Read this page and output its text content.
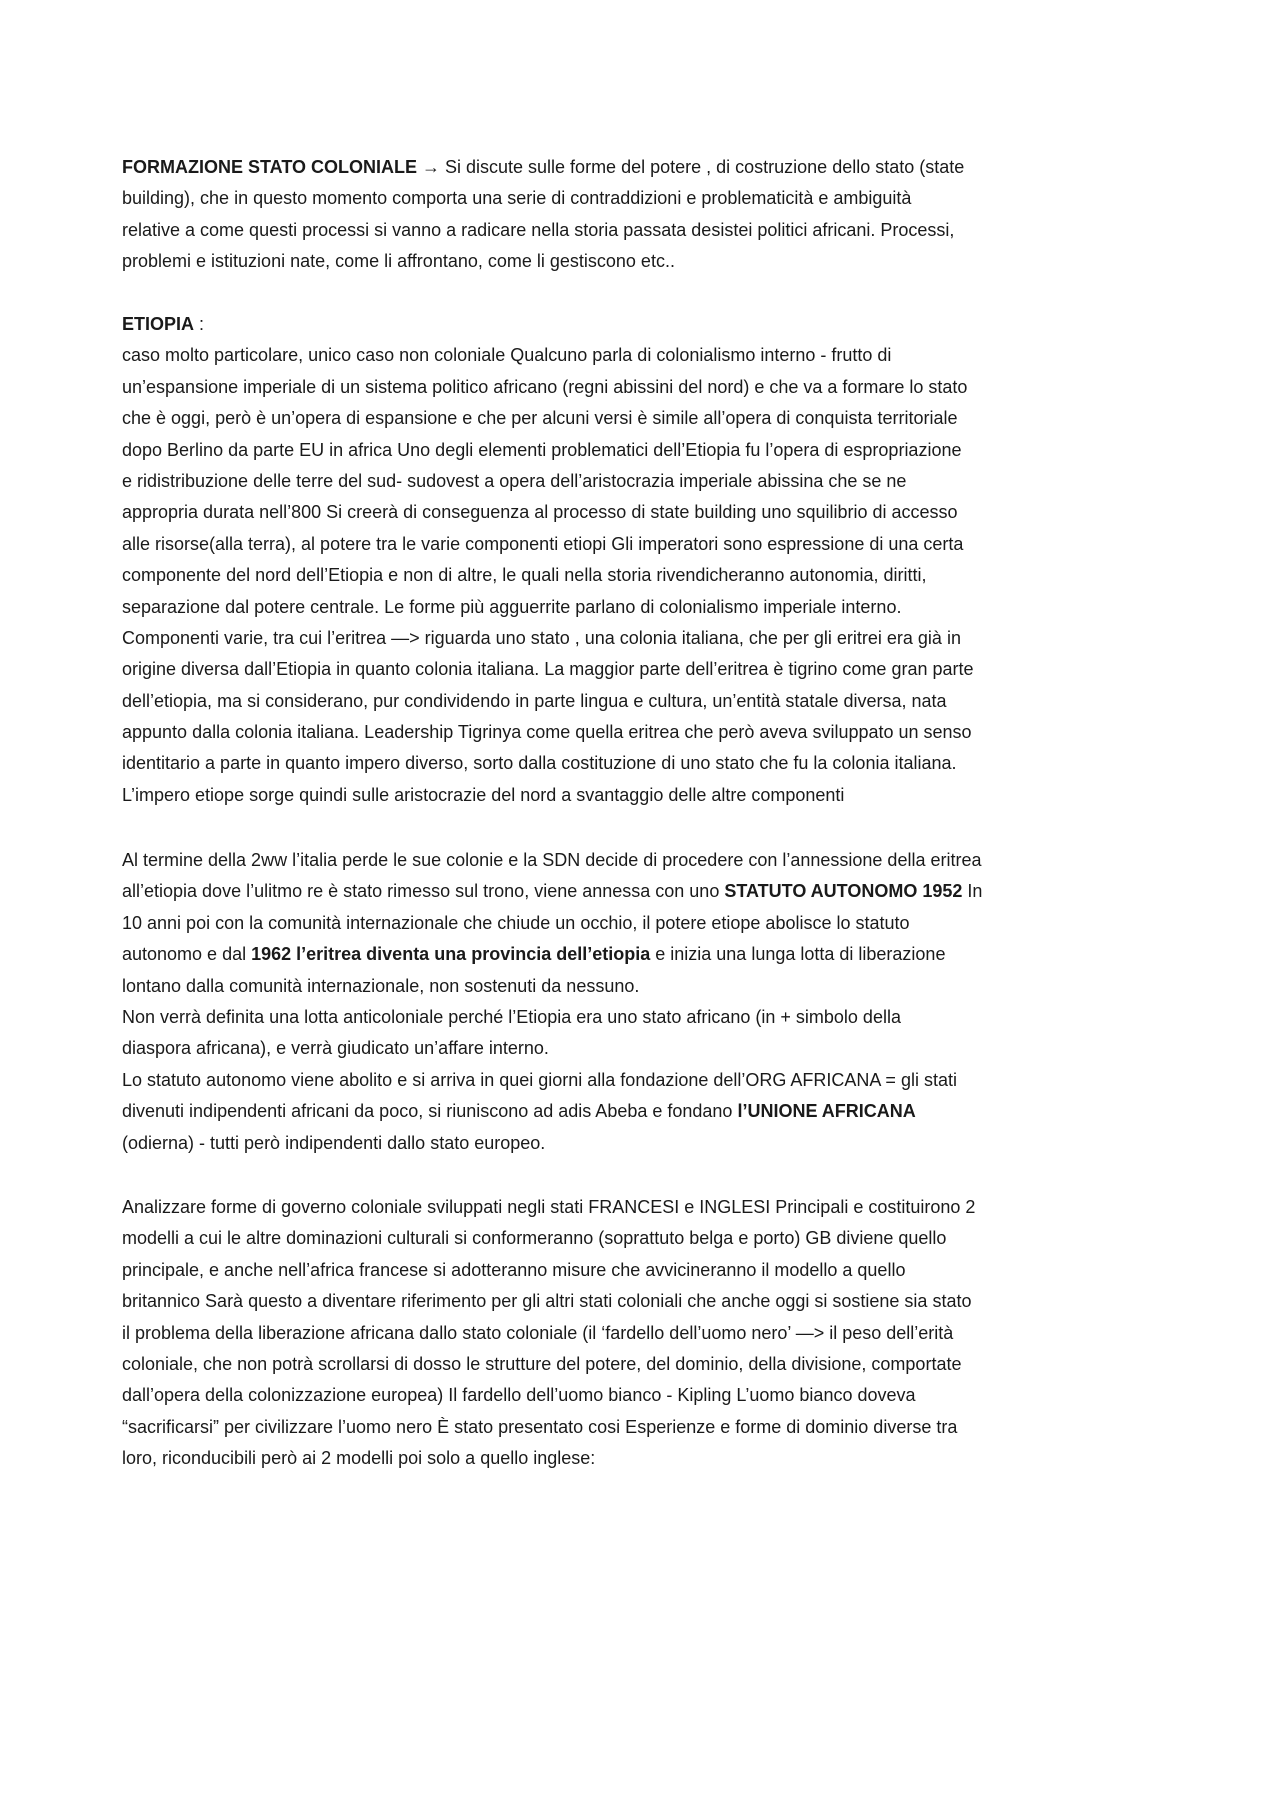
FORMAZIONE STATO COLONIALE → Si discute sulle forme del potere , di costruzione dello stato (state
building), che in questo momento comporta una serie di contraddizioni e problematicità e ambiguità
relative a come questi processi si vanno a radicare nella storia passata desistei politici africani. Processi,
problemi e istituzioni nate, come li affrontano, come li gestiscono etc..
ETIOPIA :
caso molto particolare, unico caso non coloniale Qualcuno parla di colonialismo interno - frutto di
un’espansione imperiale di un sistema politico africano (regni abissini del nord) e che va a formare lo stato
che è oggi, però è un’opera di espansione e che per alcuni versi è simile all’opera di conquista territoriale
dopo Berlino da parte EU in africa Uno degli elementi problematici dell’Etiopia fu l’opera di espropriazione
e ridistribuzione delle terre del sud- sudovest a opera dell’aristocrazia imperiale abissina che se ne
appropria durata nell’800 Si creerà di conseguenza al processo di state building uno squilibrio di accesso
alle risorse(alla terra), al potere tra le varie componenti etiopi Gli imperatori sono espressione di una certa
componente del nord dell’Etiopia e non di altre, le quali nella storia rivendicheranno autonomia, diritti,
separazione dal potere centrale. Le forme più agguerrite parlano di colonialismo imperiale interno.
Componenti varie, tra cui l’eritrea —> riguarda uno stato , una colonia italiana, che per gli eritrei era già in
origine diversa dall’Etiopia in quanto colonia italiana. La maggior parte dell’eritrea è tigrino come gran parte
dell’etiopia, ma si considerano, pur condividendo in parte lingua e cultura, un’entità statale diversa, nata
appunto dalla colonia italiana. Leadership Tigrinya come quella eritrea che però aveva sviluppato un senso
identitario a parte in quanto impero diverso, sorto dalla costituzione di uno stato che fu la colonia italiana.
L’impero etiope sorge quindi sulle aristocrazie del nord a svantaggio delle altre componenti
Al termine della 2ww l’italia perde le sue colonie e la SDN decide di procedere con l’annessione della eritrea
all’etiopia dove l’ulitmo re è stato rimesso sul trono, viene annessa con uno STATUTO AUTONOMO 1952 In
10 anni poi con la comunità internazionale che chiude un occhio, il potere etiope abolisce lo statuto
autonomo e dal 1962 l’eritrea diventa una provincia dell’etiopia e inizia una lunga lotta di liberazione
lontano dalla comunità internazionale, non sostenuti da nessuno.
Non verrà definita una lotta anticoloniale perché l’Etiopia era uno stato africano (in + simbolo della
diaspora africana), e verrà giudicato un’affare interno.
Lo statuto autonomo viene abolito e si arriva in quei giorni alla fondazione dell’ORG AFRICANA = gli stati
divenuti indipendenti africani da poco, si riuniscono ad adis Abeba e fondano l’UNIONE AFRICANA
(odierna) - tutti però indipendenti dallo stato europeo.
Analizzare forme di governo coloniale sviluppati negli stati FRANCESI e INGLESI Principali e costituirono 2
modelli a cui le altre dominazioni culturali si conformeranno (soprattuto belga e porto) GB diviene quello
principale, e anche nell’africa francese si adotteranno misure che avvicineranno il modello a quello
britannico Sarà questo a diventare riferimento per gli altri stati coloniali che anche oggi si sostiene sia stato
il problema della liberazione africana dallo stato coloniale (il ‘fardello dell’uomo nero’ —> il peso dell’erità
coloniale, che non potrà scrollarsi di dosso le strutture del potere, del dominio, della divisione, comportate
dall’opera della colonizzazione europea) Il fardello dell’uomo bianco - Kipling L’uomo bianco doveva
“sacrificarsi” per civilizzare l’uomo nero È stato presentato cosi Esperienze e forme di dominio diverse tra
loro, riconducibili però ai 2 modelli poi solo a quello inglese:
